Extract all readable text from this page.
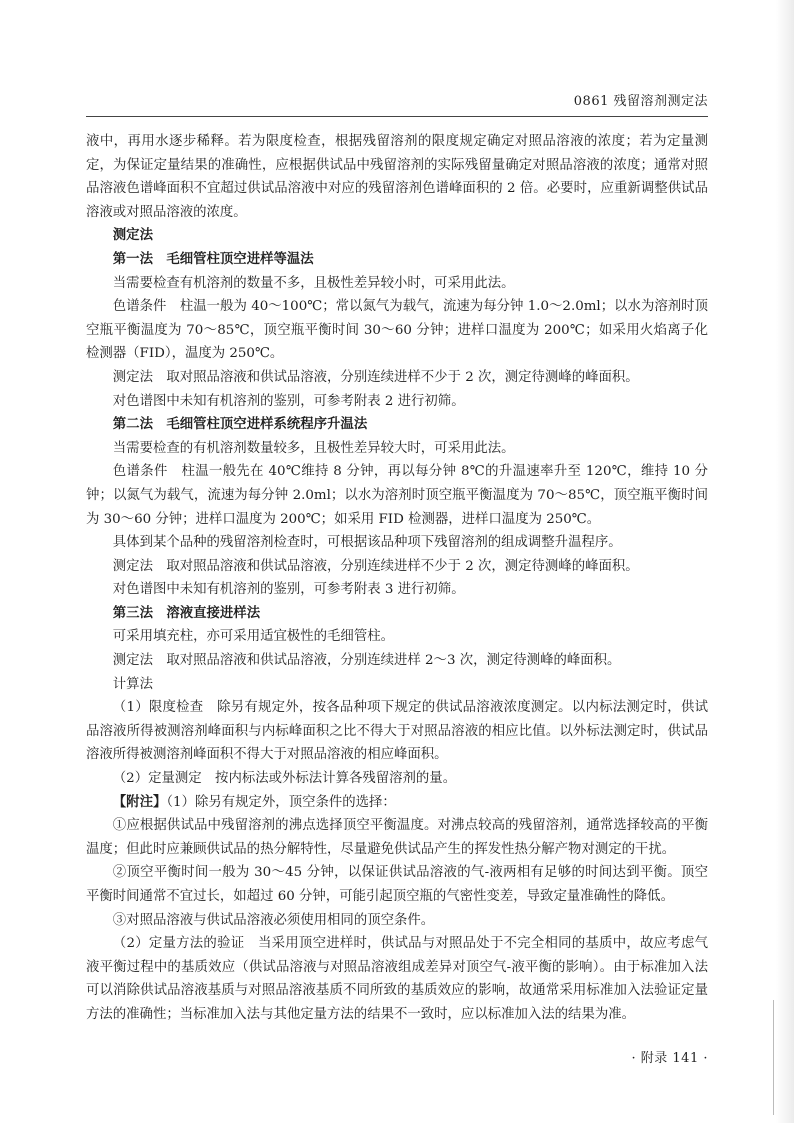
0861 残留溶剂测定法

液中，再用水逐步稀释。若为限度检查，根据残留溶剂的限度规定确定对照品溶液的浓度；若为定量测定，为保证定量结果的准确性，应根据供试品中残留溶剂的实际残留量确定对照品溶液的浓度；通常对照品溶液色谱峰面积不宜超过供试品溶液中对应的残留溶剂色谱峰面积的 2 倍。必要时，应重新调整供试品溶液或对照品溶液的浓度。

测定法

第一法　毛细管柱顶空进样等温法

当需要检查有机溶剂的数量不多，且极性差异较小时，可采用此法。

色谱条件　柱温一般为 40～100℃；常以氮气为载气，流速为每分钟 1.0～2.0ml；以水为溶剂时顶空瓶平衡温度为 70～85℃，顶空瓶平衡时间 30～60 分钟；进样口温度为 200℃；如采用火焰离子化检测器（FID），温度为 250℃。

测定法　取对照品溶液和供试品溶液，分别连续进样不少于 2 次，测定待测峰的峰面积。

对色谱图中未知有机溶剂的鉴别，可参考附表 2 进行初筛。

第二法　毛细管柱顶空进样系统程序升温法

当需要检查的有机溶剂数量较多，且极性差异较大时，可采用此法。

色谱条件　柱温一般先在 40℃维持 8 分钟，再以每分钟 8℃的升温速率升至 120℃，维持 10 分钟；以氮气为载气，流速为每分钟 2.0ml；以水为溶剂时顶空瓶平衡温度为 70～85℃，顶空瓶平衡时间为 30～60 分钟；进样口温度为 200℃；如采用 FID 检测器，进样口温度为 250℃。

具体到某个品种的残留溶剂检查时，可根据该品种项下残留溶剂的组成调整升温程序。

测定法　取对照品溶液和供试品溶液，分别连续进样不少于 2 次，测定待测峰的峰面积。

对色谱图中未知有机溶剂的鉴别，可参考附表 3 进行初筛。

第三法　溶液直接进样法

可采用填充柱，亦可采用适宜极性的毛细管柱。

测定法　取对照品溶液和供试品溶液，分别连续进样 2～3 次，测定待测峰的峰面积。

计算法

（1）限度检查　除另有规定外，按各品种项下规定的供试品溶液浓度测定。以内标法测定时，供试品溶液所得被测溶剂峰面积与内标峰面积之比不得大于对照品溶液的相应比值。以外标法测定时，供试品溶液所得被测溶剂峰面积不得大于对照品溶液的相应峰面积。

（2）定量测定　按内标法或外标法计算各残留溶剂的量。

【附注】（1）除另有规定外，顶空条件的选择：

①应根据供试品中残留溶剂的沸点选择顶空平衡温度。对沸点较高的残留溶剂，通常选择较高的平衡温度；但此时应兼顾供试品的热分解特性，尽量避免供试品产生的挥发性热分解产物对测定的干扰。

②顶空平衡时间一般为 30～45 分钟，以保证供试品溶液的气-液两相有足够的时间达到平衡。顶空平衡时间通常不宜过长，如超过 60 分钟，可能引起顶空瓶的气密性变差，导致定量准确性的降低。

③对照品溶液与供试品溶液必须使用相同的顶空条件。

（2）定量方法的验证　当采用顶空进样时，供试品与对照品处于不完全相同的基质中，故应考虑气液平衡过程中的基质效应（供试品溶液与对照品溶液组成差异对顶空气-液平衡的影响）。由于标准加入法可以消除供试品溶液基质与对照品溶液基质不同所致的基质效应的影响，故通常采用标准加入法验证定量方法的准确性；当标准加入法与其他定量方法的结果不一致时，应以标准加入法的结果为准。

· 附录 141 ·
